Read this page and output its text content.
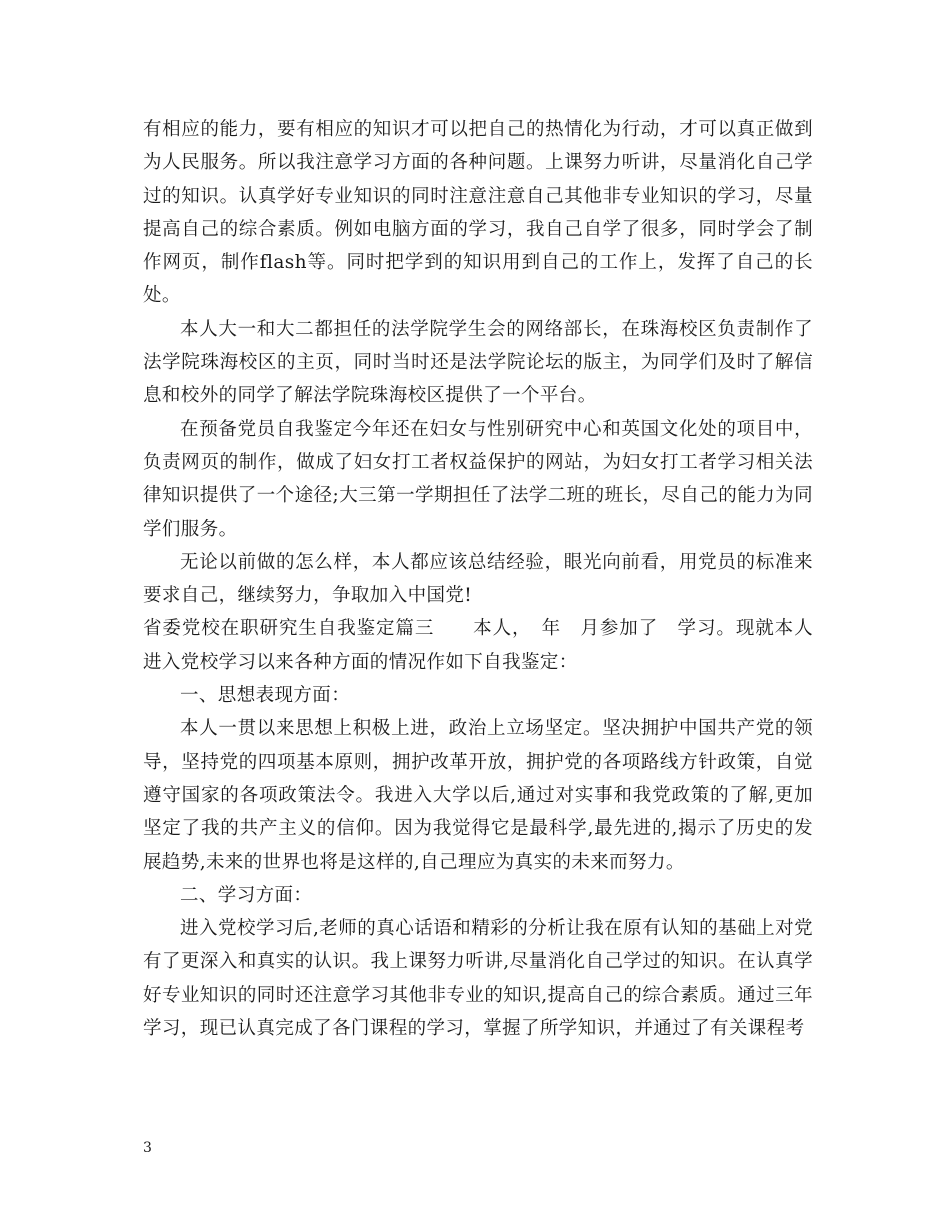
有相应的能力，要有相应的知识才可以把自己的热情化为行动，才可以真正做到为人民服务。所以我注意学习方面的各种问题。上课努力听讲，尽量消化自己学过的知识。认真学好专业知识的同时注意注意自己其他非专业知识的学习，尽量提高自己的综合素质。例如电脑方面的学习，我自己自学了很多，同时学会了制作网页，制作flash等。同时把学到的知识用到自己的工作上，发挥了自己的长处。

本人大一和大二都担任的法学院学生会的网络部长，在珠海校区负责制作了法学院珠海校区的主页，同时当时还是法学院论坛的版主，为同学们及时了解信息和校外的同学了解法学院珠海校区提供了一个平台。

在预备党员自我鉴定今年还在妇女与性别研究中心和英国文化处的项目中，负责网页的制作，做成了妇女打工者权益保护的网站，为妇女打工者学习相关法律知识提供了一个途径;大三第一学期担任了法学二班的班长，尽自己的能力为同学们服务。

无论以前做的怎么样，本人都应该总结经验，眼光向前看，用党员的标准来要求自己，继续努力，争取加入中国党!

省委党校在职研究生自我鉴定篇三　　本人，　年　月参加了　学习。现就本人进入党校学习以来各种方面的情况作如下自我鉴定：

一、思想表现方面：

本人一贯以来思想上积极上进，政治上立场坚定。坚决拥护中国共产党的领导，坚持党的四项基本原则，拥护改革开放，拥护党的各项路线方针政策，自觉遵守国家的各项政策法令。我进入大学以后,通过对实事和我党政策的了解,更加坚定了我的共产主义的信仰。因为我觉得它是最科学,最先进的,揭示了历史的发展趋势,未来的世界也将是这样的,自己理应为真实的未来而努力。

二、学习方面：

进入党校学习后,老师的真心话语和精彩的分析让我在原有认知的基础上对党有了更深入和真实的认识。我上课努力听讲,尽量消化自己学过的知识。在认真学好专业知识的同时还注意学习其他非专业的知识,提高自己的综合素质。通过三年学习，现已认真完成了各门课程的学习，掌握了所学知识，并通过了有关课程考

3
